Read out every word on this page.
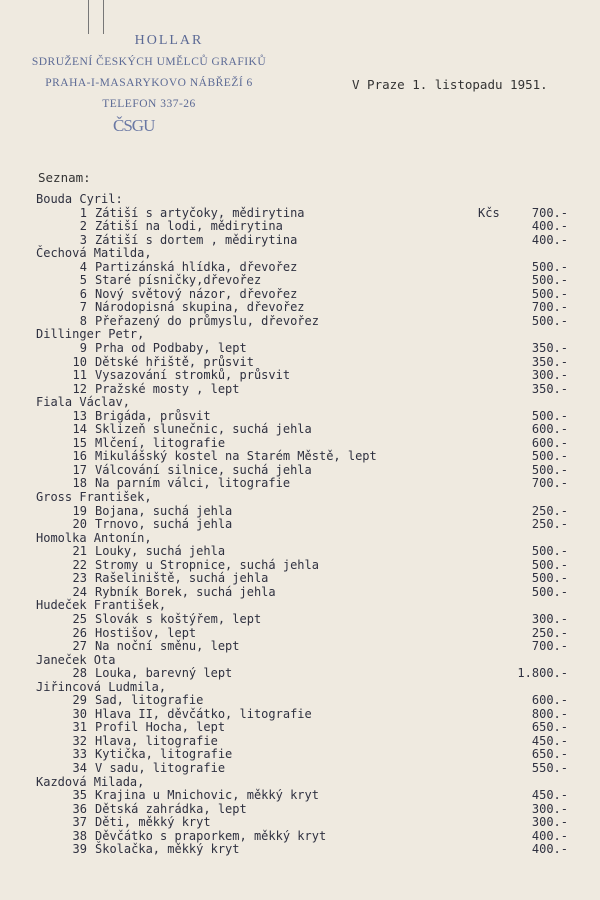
HOLLAR
SDRUŽENÍ ČESKÝCH UMĚLCŮ GRAFIKŮ
PRAHA-I-MASARYKOVO NÁBŘEŽÍ 6
TELEFON 337-26
ČSGU
V Praze 1. listopadu 1951.
Seznam:
Bouda Cyril:
1 Zátiší s artyčoky, mědirytina	Kčs	700.-
2 Zátiší na lodi, mědirytina	400.-
3 Zátiší s dortem , mědirytina	400.-
Čechová Matilda,
4 Partizánská hlídka, dřevořez	500.-
5 Staré písničky,dřevořez	500.-
6 Nový světový názor, dřevořez	500.-
7 Národopisná skupina, dřevořez	700.-
8 Přeřazený do průmyslu, dřevořez	500.-
Dillinger Petr,
9 Prha od Podbaby, lept	350.-
10 Dětské hřiště, průsvit	350.-
11 Vysazování stromků, průsvit	300.-
12 Pražské mosty , lept	350.-
Fiala Václav,
13 Brigáda, průsvit	500.-
14 Sklizeň slunečnic, suchá jehla	600.-
15 Mlčení, litografie	600.-
16 Mikulášský kostel na Starém Městě, lept	500.-
17 Válcování silnice, suchá jehla	500.-
18 Na parním válci, litografie	700.-
Gross František,
19 Bojana, suchá jehla	250.-
20 Trnovo, suchá jehla	250.-
Homolka Antonín,
21 Louky, suchá jehla	500.-
22 Stromy u Stropnice, suchá jehla	500.-
23 Rašeliniště, suchá jehla	500.-
24 Rybník Borek, suchá jehla	500.-
Hudeček František,
25 Slovák s koštýřem, lept	300.-
26 Hostišov, lept	250.-
27 Na noční směnu, lept	700.-
Janeček Ota
28 Louka, barevný lept	1.800.-
Jiřincová Ludmila,
29 Sad, litografie	600.-
30 Hlava II, děvčátko, litografie	800.-
31 Profil Hocha, lept	650.-
32 Hlava, litografie	450.-
33 Kytička, litografie	650.-
34 V sadu, litografie	550.-
Kazdová Milada,
35 Krajina u Mnichovic, měkký kryt	450.-
36 Dětská zahrádka, lept	300.-
37 Děti, měkký kryt	300.-
38 Děvčátko s praporkem, měkký kryt	400.-
39 Školačka, měkký kryt	400.-
